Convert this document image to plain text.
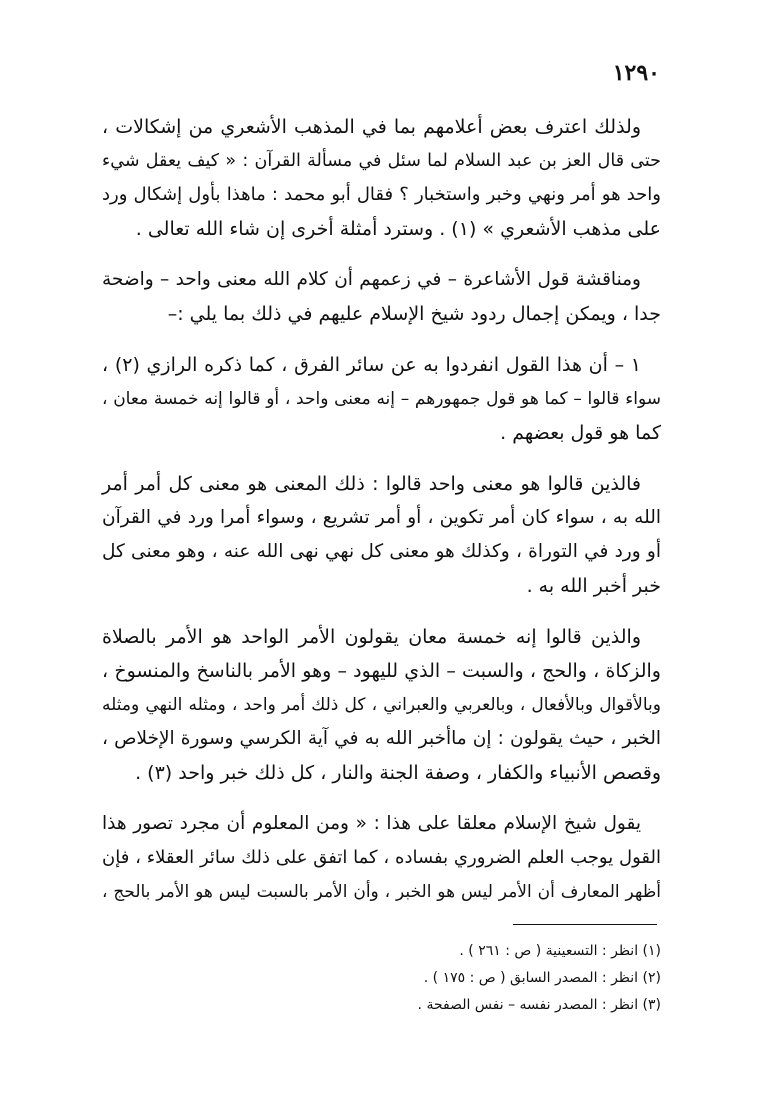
١٢٩٠
ولذلك اعترف بعض أعلامهم بما في المذهب الأشعري من إشكالات ،
حتى قال العز بن عبد السلام لما سئل في مسألة القرآن : « كيف يعقل شيء
واحد هو أمر ونهي وخبر واستخبار ؟ فقال أبو محمد : ماهذا بأول إشكال ورد
على مذهب الأشعري » (١) . وسترد أمثلة أخرى إن شاء الله تعالى .
ومناقشة قول الأشاعرة – في زعمهم أن كلام الله معنى واحد – واضحة
جدا ، ويمكن إجمال ردود شيخ الإسلام عليهم في ذلك بما يلي :–
١ – أن هذا القول انفردوا به عن سائر الفرق ، كما ذكره الرازي (٢) ،
سواء قالوا – كما هو قول جمهورهم – إنه معنى واحد ، أو قالوا إنه خمسة معان ،
كما هو قول بعضهم .
فالذين قالوا هو معنى واحد قالوا : ذلك المعنى هو معنى كل أمر أمر
الله به ، سواء كان أمر تكوين ، أو أمر تشريع ، وسواء أمرا ورد في القرآن
أو ورد في التوراة ، وكذلك هو معنى كل نهي نهى الله عنه ، وهو معنى كل
خبر أخبر الله به .
والذين قالوا إنه خمسة معان يقولون الأمر الواحد هو الأمر بالصلاة
والزكاة ، والحج ، والسبت – الذي لليهود – وهو الأمر بالناسخ والمنسوخ ،
وبالأقوال وبالأفعال ، وبالعربي والعبراني ، كل ذلك أمر واحد ، ومثله النهي ومثله
الخبر ، حيث يقولون : إن ماأخبر الله به في آية الكرسي وسورة الإخلاص ،
وقصص الأنبياء والكفار ، وصفة الجنة والنار ، كل ذلك خبر واحد (٣) .
يقول شيخ الإسلام معلقا على هذا : « ومن المعلوم أن مجرد تصور هذا
القول يوجب العلم الضروري بفساده ، كما اتفق على ذلك سائر العقلاء ، فإن
أظهر المعارف أن الأمر ليس هو الخبر ، وأن الأمر بالسبت ليس هو الأمر بالحج ،
(١) انظر : التسعينية ( ص : ٢٦١ ) .
(٢) انظر : المصدر السابق ( ص : ١٧٥ ) .
(٣) انظر : المصدر نفسه – نفس الصفحة .
